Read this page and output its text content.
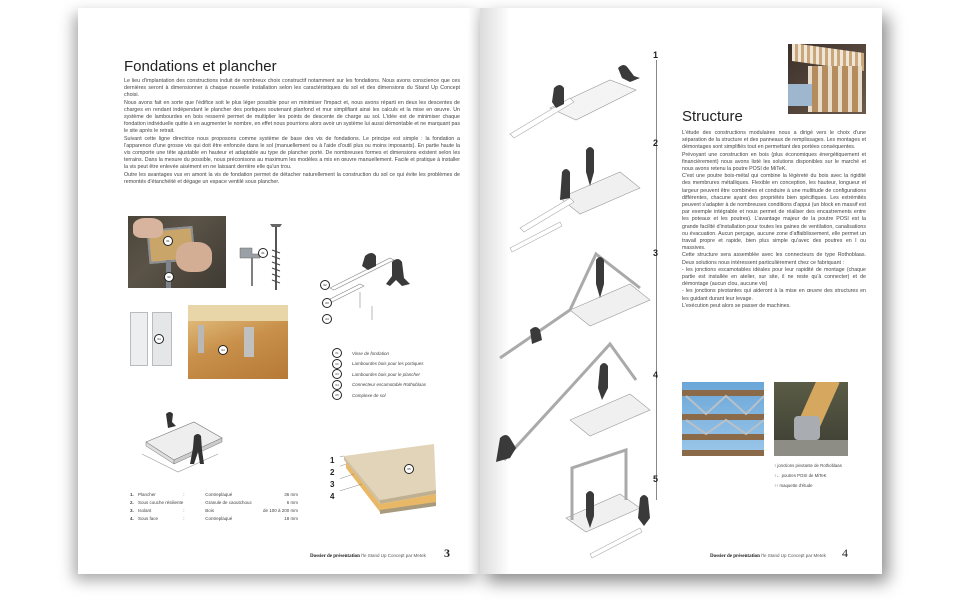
Fondations et plancher

Le lieu d'implantation des constructions induit de nombreux choix constructif notamment sur les fondations. Nous avons conscience que ces dernières seront à dimensionner à chaque nouvelle installation selon les caractéristiques du sol et des dimensions du Stand Up Concept choisi.

Nous avons fait en sorte que l'édifice soit le plus léger possible pour en minimiser l'impact et, nous avons réparti en deux les descentes de charges en rendant indépendant le plancher des portiques soutenant planfond et mur simplifiant ainsi les calculs et la mise en œuvre. Un système de lambourdes en bois resserré permet de multiplier les points de descente de charge au sol. L'idée est de minimiser chaque fondation individuelle quitte à en augmenter le nombre, en effet nous pourrions alors avoir un système lui aussi démontable et ne marquant pas le site après le retrait.

Suivant cette ligne directrice nous proposons comme système de base des vis de fondations. Le principe est simple : la fondation a l'apparence d'une grosse vis qui doit être enfoncée dans le sol (manuellement ou à l'aide d'outil plus ou moins imposants). En partie haute la vis comporte une tête ajustable en hauteur et adaptable au type de plancher porté. De nombreuses formes et dimensions existent selon les terrains. Dans la mesure du possible, nous préconisons au maximum les modèles a mis en œuvre manuellement. Facile et pratique à installer la vis peut être enlevée aisément en ne laissant derrière elle qu'un trou.

Outre les avantages vus en amont la vis de fondation permet de détacher naturellement la construction du sol ce qui évite les problèmes de remontés d'étanchéité et dégage un espace ventilé sous plancher.

01
02
01
02
03
04
04
04
01	Visse de fondation
02	Lambourdes bois pour les portiques
03	Lambourdes bois pour le plancher
04	Connecteur escamotable Rothoblaas
05	Complexe de sol
1
2
3
4
05
1.	Plancher	:	Contreplaqué	36 mm
2.	Sous couche résiliente		Granule de caoutchouc	6 mm
3.	Isolant	:	Bois	de 100 à 200 mm
4.	Sous face	:	Contreplaqué	18 mm
Dossier de présentation l'le Stand Up Concept par Metek 3
1
2
3
4
5
Structure

L'étude des constructions modulaires nous a dirigé vers le choix d'une séparation de la structure et des panneaux de remplissages. Les montages et démontages sont simplifiés tout en permettant des portées conséquentes.

Prévoyant une construction en bois (plus économiques énergétiquement et financièrement) nous avons listé les solutions disponibles sur le marché et nous avons retenu la poutre POSI de MiTeK.

C'est une poutre bois-métal qui combine la légèreté du bois avec la rigidité des membrures métalliques. Flexible en conception, les hauteur, longueur et largeur peuvent être combinées et conduire à une multitude de configurations différentes, chacune ayant des propriétés bien spécifiques. Les extrémités peuvent s'adapter à de nombreuses conditions d'appui (un block en massif est par exemple intégrable et nous permet de réaliser des encastrements entre les poteaux et les poutres). L'avantage majeur de la poutre POSI est la grande facilité d'installation pour toutes les gaines de ventilation, canalisations ou évacuation. Aucun perçage, aucune zone d'affaiblissement, elle permet un travail propre et rapide, bien plus simple qu'avec des poutres en I ou massives.

Cette structure sera assemblée avec les connecteurs de type Rothoblaas. Deux solutions nous intéressent particulièrement chez ce fabriquant :

- les jonctions escamotables idéales pour leur rapidité de montage (chaque partie est installée en atelier, sur site, il ne reste qu'à connecter) et de démontage (aucun clou, aucune vis)

- les jonctions pivotantes qui aideront à la mise en œuvre des structures en les guidant durant leur levage.

L'exécution peut alors se passer de machines.

↑ jonctions pivotante de Rothoblaas
↑← poutres POSI de MiTeK
↑↑ maquette d'étude
Dossier de présentation l'le Stand Up Concept par Metek 4
